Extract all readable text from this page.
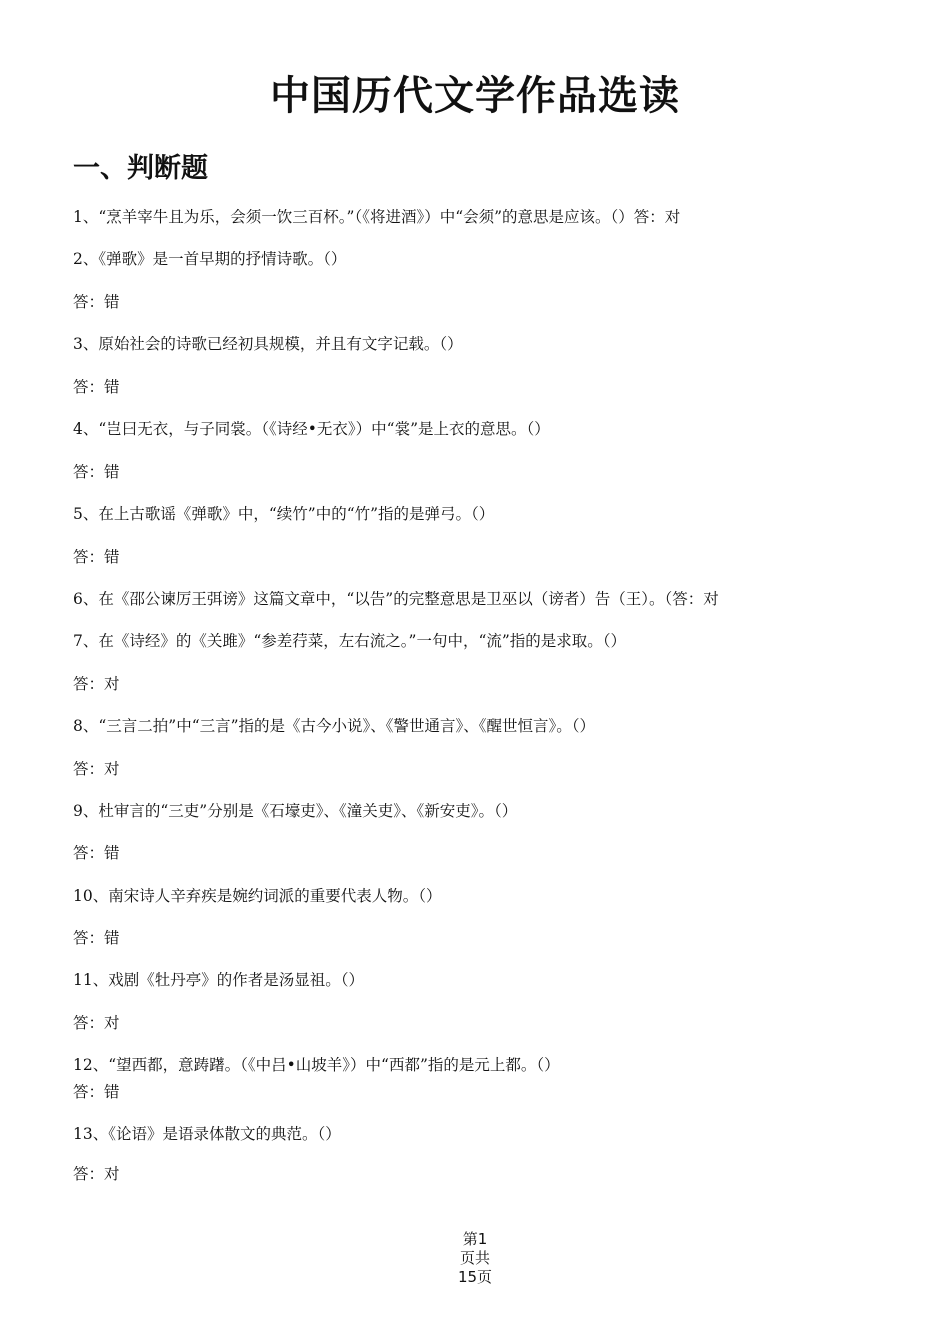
中国历代文学作品选读
一、判断题

1、“烹羊宰牛且为乐，会须一饮三百杯。”（《将进酒》）中“会须”的意思是应该。（）答：对

2、《弹歌》是一首早期的抒情诗歌。（）

答：错

3、原始社会的诗歌已经初具规模，并且有文字记载。（）

答：错

4、“岂曰无衣，与子同裳。（《诗经•无衣》）中“裳”是上衣的意思。（）

答：错

5、在上古歌谣《弹歌》中，“续竹”中的“竹”指的是弹弓。（）

答：错

6、在《邵公谏厉王弭谤》这篇文章中，“以告”的完整意思是卫巫以（谤者）告（王）。（答：对

7、在《诗经》的《关雎》“参差荇菜，左右流之。”一句中，“流”指的是求取。（）

答：对

8、“三言二拍”中“三言”指的是《古今小说》、《警世通言》、《醒世恒言》。（）

答：对

9、杜审言的“三吏”分别是《石壕吏》、《潼关吏》、《新安吏》。（）

答：错

10、南宋诗人辛弃疾是婉约词派的重要代表人物。（）

答：错

11、戏剧《牡丹亭》的作者是汤显祖。（）

答：对

12、“望西都，意踌躇。（《中吕•山坡羊》）中“西都”指的是元上都。（）

答：错

13、《论语》是语录体散文的典范。（）

答：对

第1
页共
15页
